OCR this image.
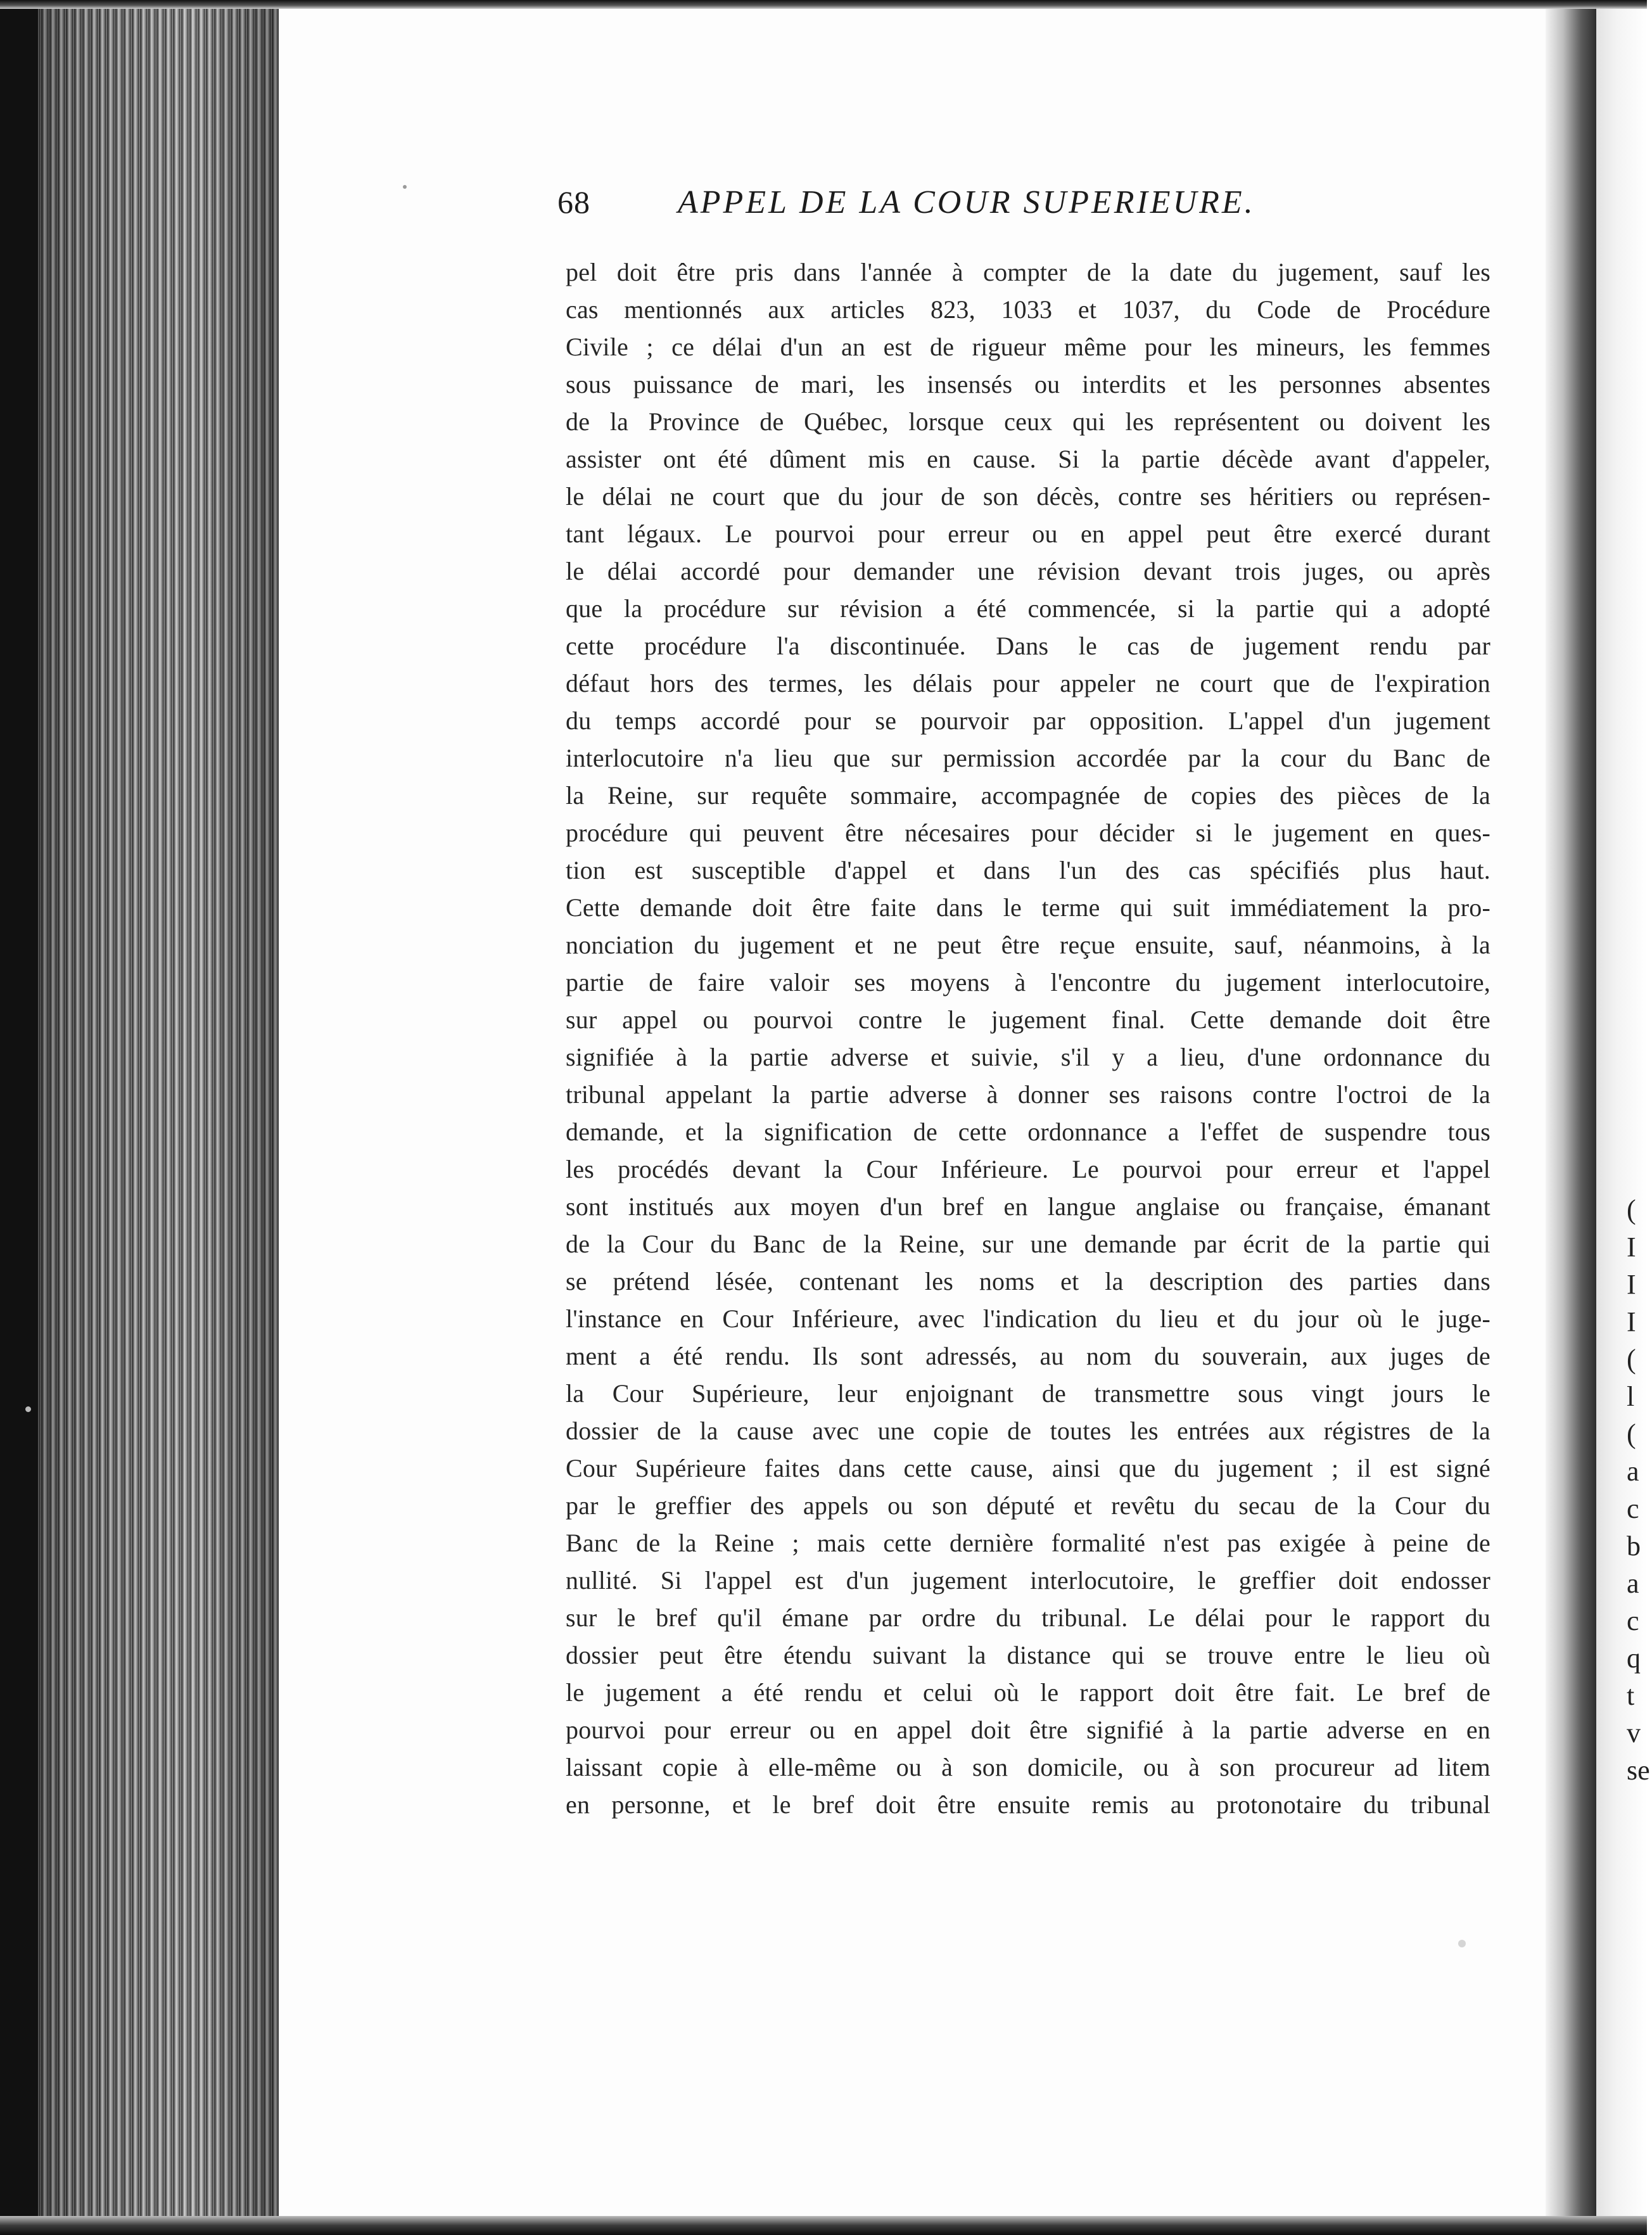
(
I
I
I
(
l
(
a
c
b
a
c
q
t
v
se
68	APPEL DE LA COUR SUPERIEURE.
pel doit être pris dans l'année à compter de la date du jugement, sauf les
cas mentionnés aux articles 823, 1033 et 1037, du Code de Procédure
Civile ; ce délai d'un an est de rigueur même pour les mineurs, les femmes
sous puissance de mari, les insensés ou interdits et les personnes absentes
de la Province de Québec, lorsque ceux qui les représentent ou doivent les
assister ont été dûment mis en cause. Si la partie décède avant d'appeler,
le délai ne court que du jour de son décès, contre ses héritiers ou représen-
tant légaux. Le pourvoi pour erreur ou en appel peut être exercé durant
le délai accordé pour demander une révision devant trois juges, ou après
que la procédure sur révision a été commencée, si la partie qui a adopté
cette procédure l'a discontinuée. Dans le cas de jugement rendu par
défaut hors des termes, les délais pour appeler ne court que de l'expiration
du temps accordé pour se pourvoir par opposition. L'appel d'un jugement
interlocutoire n'a lieu que sur permission accordée par la cour du Banc de
la Reine, sur requête sommaire, accompagnée de copies des pièces de la
procédure qui peuvent être nécesaires pour décider si le jugement en ques-
tion est susceptible d'appel et dans l'un des cas spécifiés plus haut.
Cette demande doit être faite dans le terme qui suit immédiatement la pro-
nonciation du jugement et ne peut être reçue ensuite, sauf, néanmoins, à la
partie de faire valoir ses moyens à l'encontre du jugement interlocutoire,
sur appel ou pourvoi contre le jugement final. Cette demande doit être
signifiée à la partie adverse et suivie, s'il y a lieu, d'une ordonnance du
tribunal appelant la partie adverse à donner ses raisons contre l'octroi de la
demande, et la signification de cette ordonnance a l'effet de suspendre tous
les procédés devant la Cour Inférieure. Le pourvoi pour erreur et l'appel
sont institués aux moyen d'un bref en langue anglaise ou française, émanant
de la Cour du Banc de la Reine, sur une demande par écrit de la partie qui
se prétend lésée, contenant les noms et la description des parties dans
l'instance en Cour Inférieure, avec l'indication du lieu et du jour où le juge-
ment a été rendu. Ils sont adressés, au nom du souverain, aux juges de
la Cour Supérieure, leur enjoignant de transmettre sous vingt jours le
dossier de la cause avec une copie de toutes les entrées aux régistres de la
Cour Supérieure faites dans cette cause, ainsi que du jugement ; il est signé
par le greffier des appels ou son député et revêtu du secau de la Cour du
Banc de la Reine ; mais cette dernière formalité n'est pas exigée à peine de
nullité. Si l'appel est d'un jugement interlocutoire, le greffier doit endosser
sur le bref qu'il émane par ordre du tribunal. Le délai pour le rapport du
dossier peut être étendu suivant la distance qui se trouve entre le lieu où
le jugement a été rendu et celui où le rapport doit être fait. Le bref de
pourvoi pour erreur ou en appel doit être signifié à la partie adverse en en
laissant copie à elle-même ou à son domicile, ou à son procureur ad litem
en personne, et le bref doit être ensuite remis au protonotaire du tribunal
